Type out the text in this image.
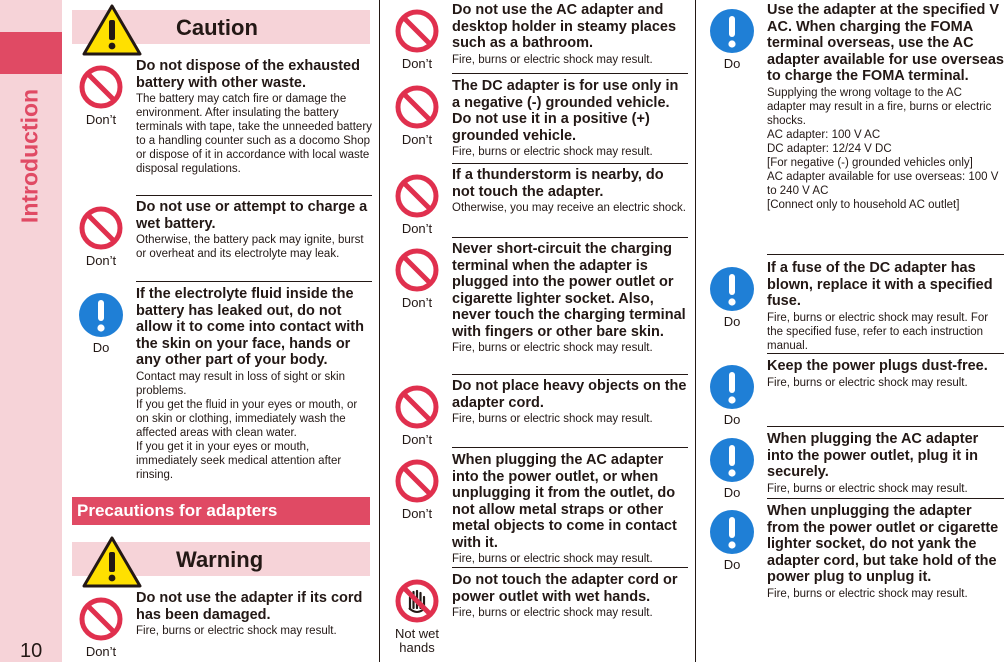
Introduction
10
Caution
Don’t
Do not dispose of the exhausted battery with other waste.

The battery may catch fire or damage the environment. After insulating the battery terminals with tape, take the unneeded battery to a handling counter such as a docomo Shop or dispose of it in accordance with local waste disposal regulations.

Don’t
Do not use or attempt to charge a wet battery.

Otherwise, the battery pack may ignite, burst or overheat and its electrolyte may leak.

Do
If the electrolyte fluid inside the battery has leaked out, do not allow it to come into contact with the skin on your face, hands or any other part of your body.

Contact may result in loss of sight or skin problems.

If you get the fluid in your eyes or mouth, or on skin or clothing, immediately wash the affected areas with clean water.

If you get it in your eyes or mouth, immediately seek medical attention after rinsing.

Precautions for adapters
Warning
Don’t
Do not use the adapter if its cord has been damaged.

Fire, burns or electric shock may result.

Don’t
Do not use the AC adapter and desktop holder in steamy places such as a bathroom.

Fire, burns or electric shock may result.

Don’t
The DC adapter is for use only in a negative (-) grounded vehicle. Do not use it in a positive (+) grounded vehicle.

Fire, burns or electric shock may result.

Don’t
If a thunderstorm is nearby, do not touch the adapter.

Otherwise, you may receive an electric shock.

Don’t
Never short-circuit the charging terminal when the adapter is plugged into the power outlet or cigarette lighter socket. Also, never touch the charging terminal with fingers or other bare skin.

Fire, burns or electric shock may result.

Don’t
Do not place heavy objects on the adapter cord.

Fire, burns or electric shock may result.

Don’t
When plugging the AC adapter into the power outlet, or when unplugging it from the outlet, do not allow metal straps or other metal objects to come in contact with it.

Fire, burns or electric shock may result.

Not wet hands
Do not touch the adapter cord or power outlet with wet hands.

Fire, burns or electric shock may result.

Do
Use the adapter at the specified V AC. When charging the FOMA terminal overseas, use the AC adapter available for use overseas to charge the FOMA terminal.

Supplying the wrong voltage to the AC adapter may result in a fire, burns or electric shocks.

AC adapter: 100 V AC

DC adapter: 12/24 V DC

[For negative (-) grounded vehicles only]

AC adapter available for use overseas: 100 V to 240 V AC

[Connect only to household AC outlet]

Do
If a fuse of the DC adapter has blown, replace it with a specified fuse.

Fire, burns or electric shock may result. For the specified fuse, refer to each instruction manual.

Do
Keep the power plugs dust-free.

Fire, burns or electric shock may result.

Do
When plugging the AC adapter into the power outlet, plug it in securely.

Fire, burns or electric shock may result.

Do
When unplugging the adapter from the power outlet or cigarette lighter socket, do not yank the adapter cord, but take hold of the power plug to unplug it.

Fire, burns or electric shock may result.
